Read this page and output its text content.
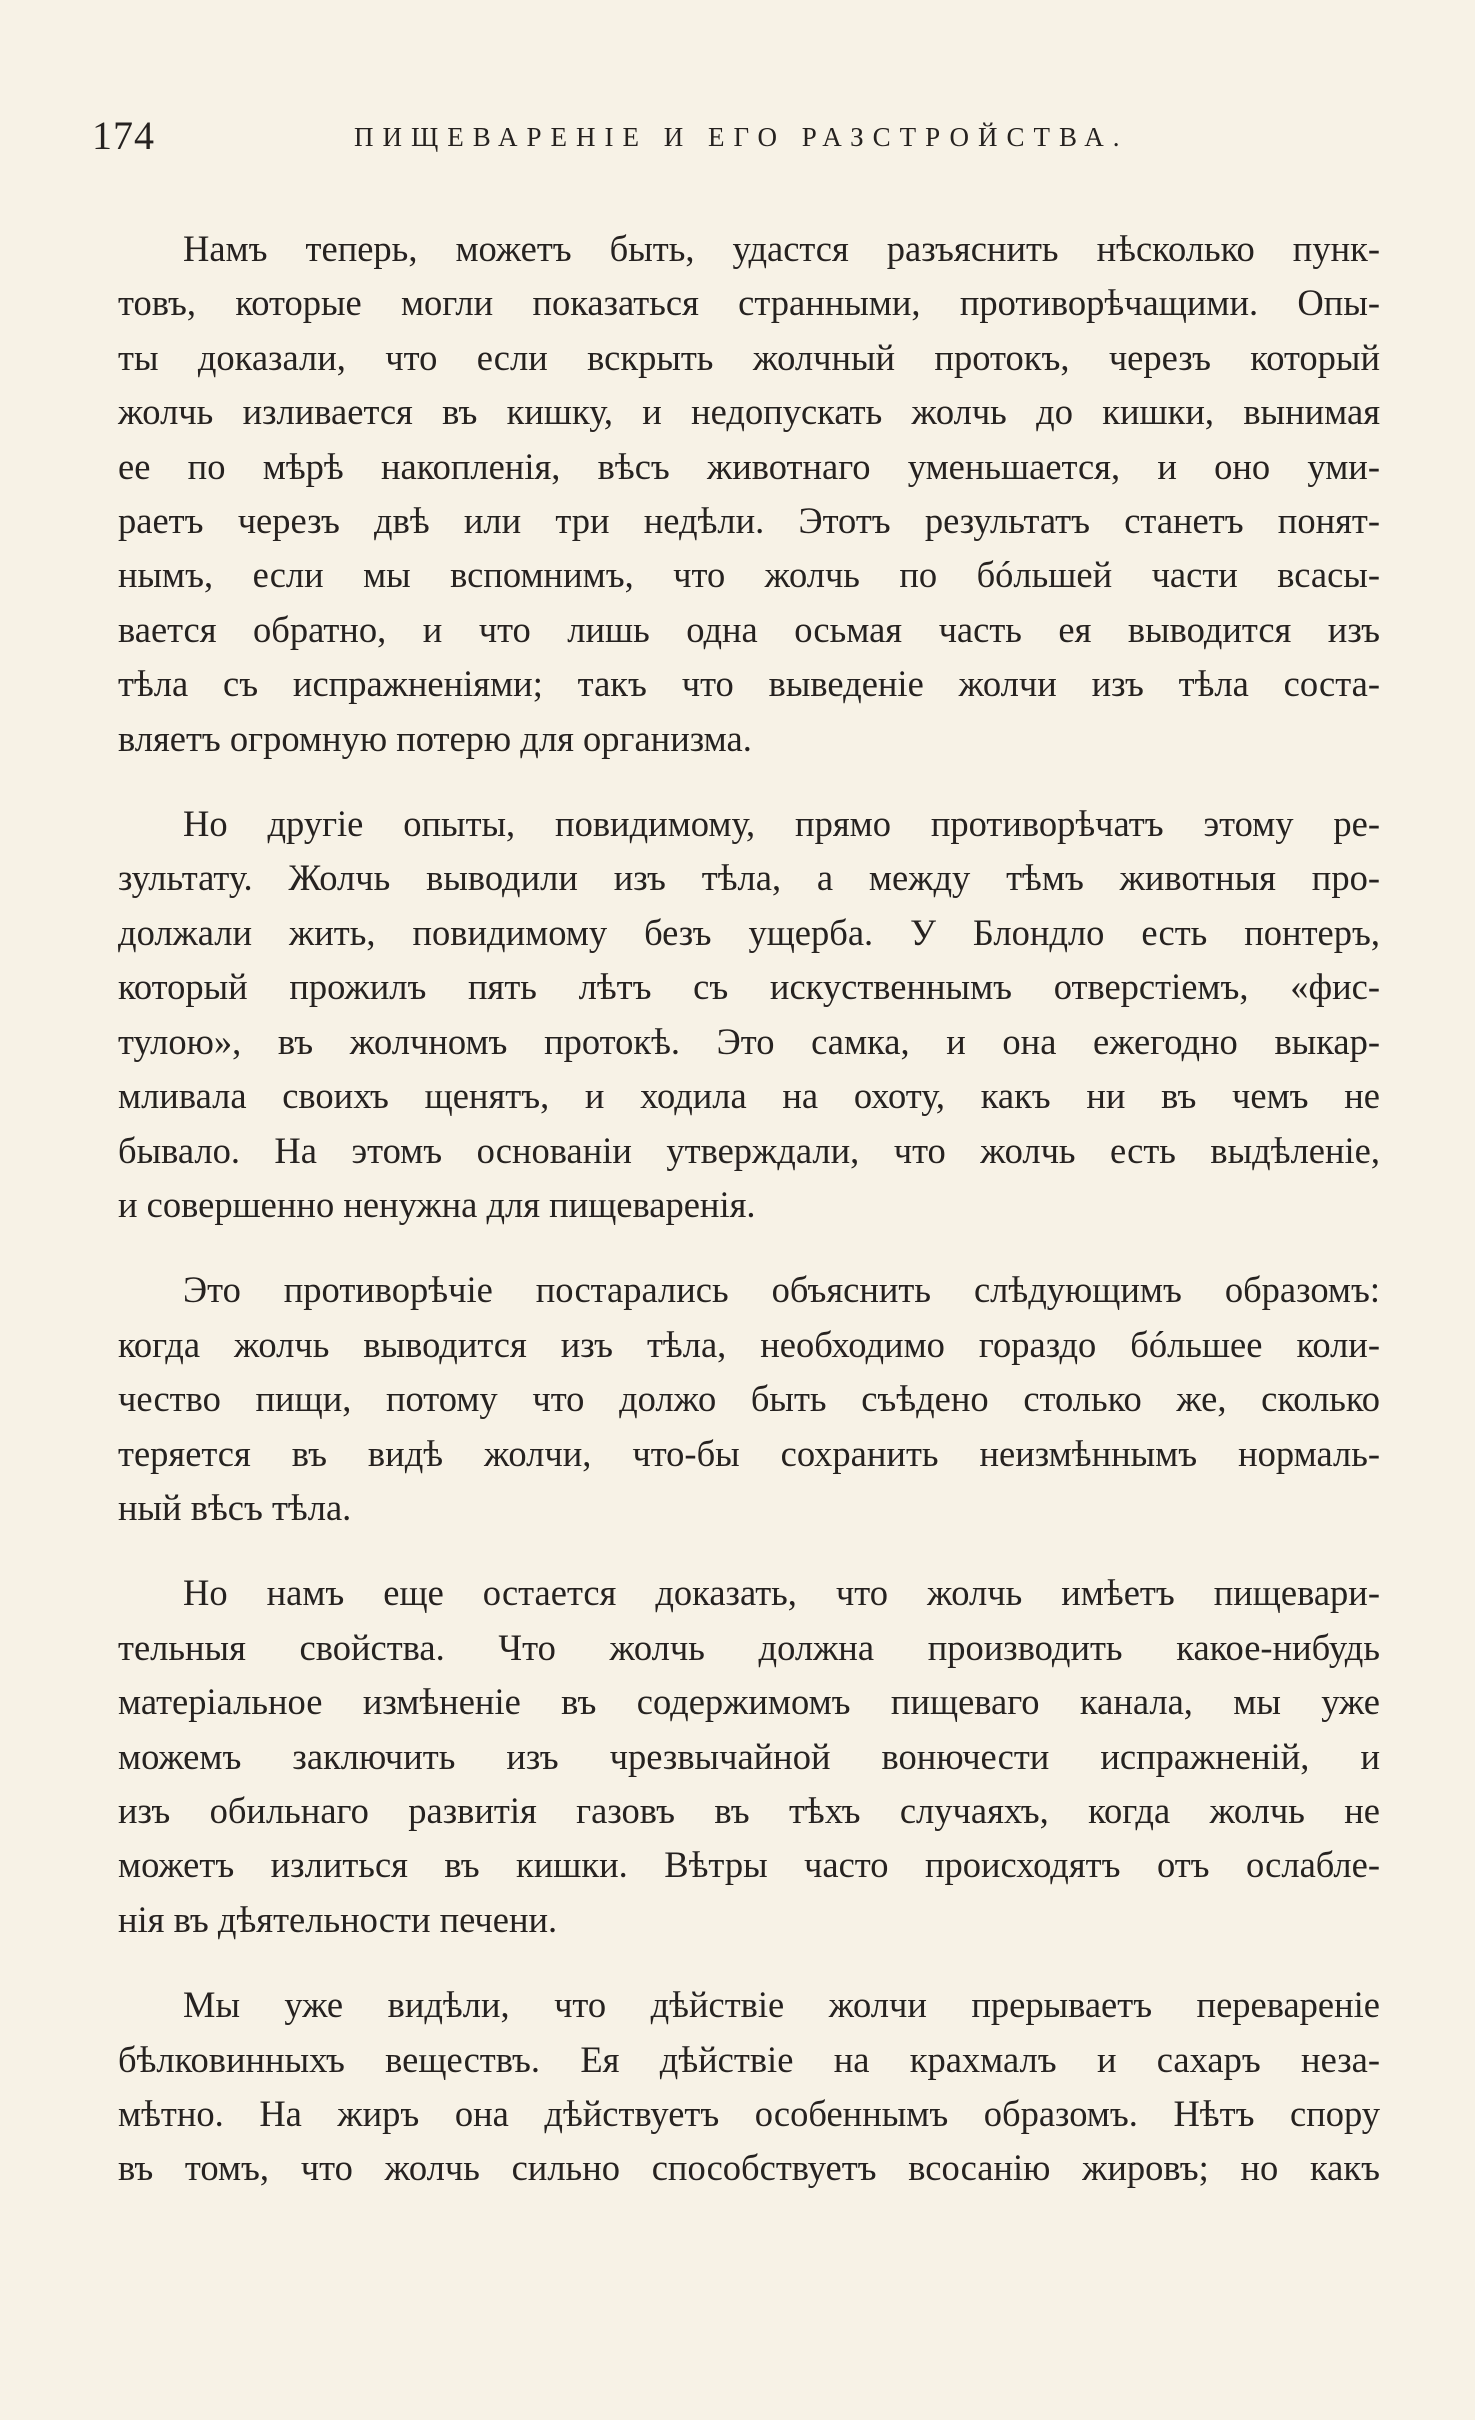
174	ПИЩЕВАРЕНІЕ И ЕГО РАЗСТРОЙСТВА.
Намъ теперь, можетъ быть, удастся разъяснить нѣсколько пунк-
товъ, которые могли показаться странными, противорѣчащими. Опы-
ты доказали, что если вскрыть жолчный протокъ, черезъ который
жолчь изливается въ кишку, и недопускать жолчь до кишки, вынимая
ее по мѣрѣ накопленія, вѣсъ животнаго уменьшается, и оно уми-
раетъ черезъ двѣ или три недѣли. Этотъ результатъ станетъ понят-
нымъ, если мы вспомнимъ, что жолчь по бóльшей части всасы-
вается обратно, и что лишь одна осьмая часть ея выводится изъ
тѣла съ испражненіями; такъ что выведеніе жолчи изъ тѣла соста-
вляетъ огромную потерю для организма.
Но другіе опыты, повидимому, прямо противорѣчатъ этому ре-
зультату. Жолчь выводили изъ тѣла, а между тѣмъ животныя про-
должали жить, повидимому безъ ущерба. У Блондло есть понтеръ,
который прожилъ пять лѣтъ съ искуственнымъ отверстіемъ, «фис-
тулою», въ жолчномъ протокѣ. Это самка, и она ежегодно выкар-
мливала своихъ щенятъ, и ходила на охоту, какъ ни въ чемъ не
бывало. На этомъ основаніи утверждали, что жолчь есть выдѣленіе,
и совершенно ненужна для пищеваренія.
Это противорѣчіе постарались объяснить слѣдующимъ образомъ:
когда жолчь выводится изъ тѣла, необходимо гораздо бóльшее коли-
чество пищи, потому что должо быть съѣдено столько же, сколько
теряется въ видѣ жолчи, что-бы сохранить неизмѣннымъ нормаль-
ный вѣсъ тѣла.
Но намъ еще остается доказать, что жолчь имѣетъ пищевари-
тельныя свойства. Что жолчь должна производить какое-нибудь
матеріальное измѣненіе въ содержимомъ пищеваго канала, мы уже
можемъ заключить изъ чрезвычайной вонючести испражненій, и
изъ обильнаго развитія газовъ въ тѣхъ случаяхъ, когда жолчь не
можетъ излиться въ кишки. Вѣтры часто происходятъ отъ ослабле-
нія въ дѣятельности печени.
Мы уже видѣли, что дѣйствіе жолчи прерываетъ переваренiе
бѣлковинныхъ веществъ. Ея дѣйствіе на крахмалъ и сахаръ неза-
мѣтно. На жиръ она дѣйствуетъ особеннымъ образомъ. Нѣтъ спору
въ томъ, что жолчь сильно способствуетъ всосанію жировъ; но какъ
